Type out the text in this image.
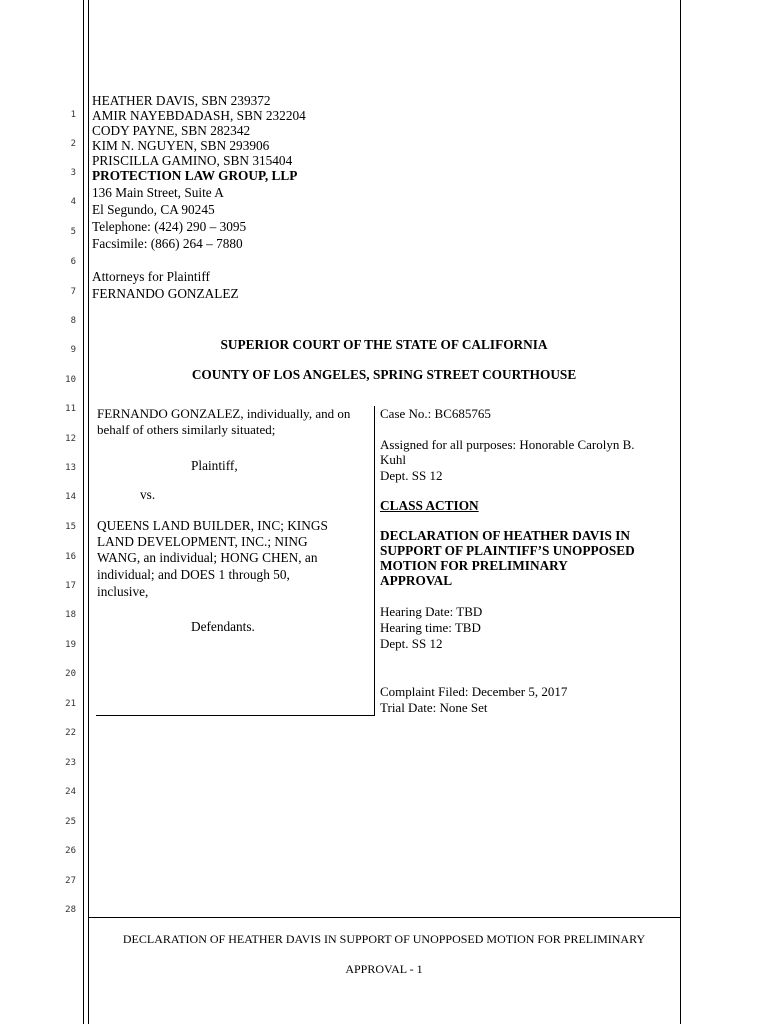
1
2
3
4
5
6
7
8
9
10
11
12
13
14
15
16
17
18
19
20
21
22
23
24
25
26
27
28
HEATHER DAVIS, SBN 239372
AMIR NAYEBDADASH, SBN 232204
CODY PAYNE, SBN 282342
KIM N. NGUYEN, SBN 293906
PRISCILLA GAMINO, SBN 315404
PROTECTION LAW GROUP, LLP
136 Main Street, Suite A
El Segundo, CA 90245
Telephone: (424) 290 – 3095
Facsimile: (866) 264 – 7880
Attorneys for Plaintiff
FERNANDO GONZALEZ
SUPERIOR COURT OF THE STATE OF CALIFORNIA
COUNTY OF LOS ANGELES, SPRING STREET COURTHOUSE
FERNANDO GONZALEZ, individually, and on
behalf of others similarly situated;
Plaintiff,
vs.
QUEENS LAND BUILDER, INC; KINGS
LAND DEVELOPMENT, INC.; NING
WANG, an individual; HONG CHEN, an
individual; and DOES 1 through 50,
inclusive,
Defendants.
Case No.: BC685765
Assigned for all purposes: Honorable Carolyn B.
Kuhl
Dept. SS 12
CLASS ACTION
DECLARATION OF HEATHER DAVIS IN
SUPPORT OF PLAINTIFF’S UNOPPOSED
MOTION FOR PRELIMINARY
APPROVAL
Hearing Date: TBD
Hearing time: TBD
Dept. SS 12
Complaint Filed: December 5, 2017
Trial Date: None Set
DECLARATION OF HEATHER DAVIS IN SUPPORT OF UNOPPOSED MOTION FOR PRELIMINARY
APPROVAL - 1
